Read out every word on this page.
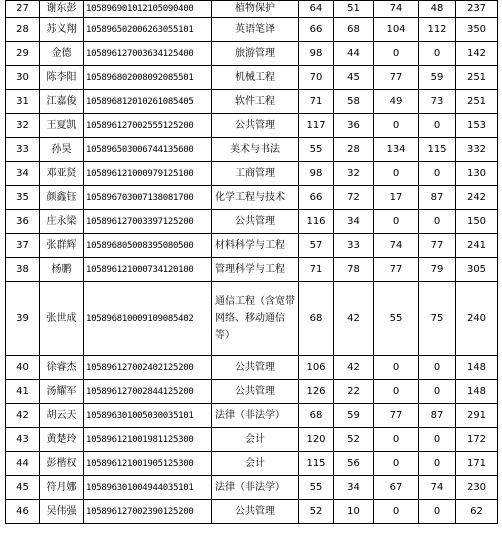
27	谢东彭	105896901012105090400	植物保护	64	51	74	48	237
28	苏义翔	105896502006263055101	英语笔译	66	68	104	112	350
29	金德	105896127003634125400	旅游管理	98	44	0	0	142
30	陈李阳	105896802008092085501	机械工程	70	45	77	59	251
31	江嘉俊	105896812010261085405	软件工程	71	58	49	73	251
32	王夏凯	105896127002555125200	公共管理	117	36	0	0	153
33	孙昊	105896503006744135600	美术与书法	55	28	134	115	332
34	邓亚贤	105896121000979125100	工商管理	98	32	0	0	130
35	颜鑫钰	105896703007138081700	化学工程与技术	66	72	17	87	242
36	庄永梁	105896127003397125200	公共管理	116	34	0	0	150
37	张群辉	105896805008395080500	材料科学与工程	57	33	74	77	241
38	杨鹏	105896121000734120100	管理科学与工程	71	78	77	79	305
39	张世成	105896810009109085402	通信工程（含宽带网络、移动通信等）	68	42	55	75	240
40	徐睿杰	105896127002402125200	公共管理	106	42	0	0	148
41	汤耀军	105896127002844125200	公共管理	126	22	0	0	148
42	胡云天	105896301005030035101	法律（非法学）	68	59	77	87	291
43	黄楚玲	105896121001981125300	会计	120	52	0	0	172
44	彭楷权	105896121001905125300	会计	115	56	0	0	171
45	符月娜	105896301004944035101	法律（非法学）	55	34	67	74	230
46	吴伟强	105896127002390125200	公共管理	52	10	0	0	62
